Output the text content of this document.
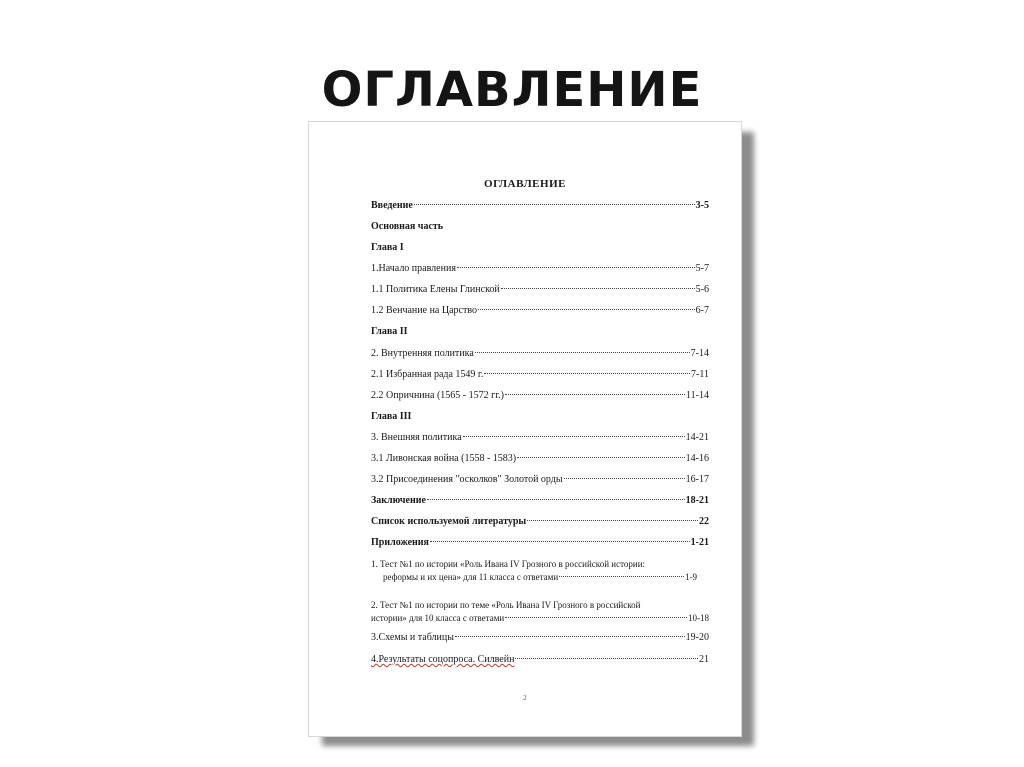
ОГЛАВЛЕНИЕ
ОГЛАВЛЕНИЕ
Введение	3-5
Основная часть
Глава I
1.Начало правления	5-7
1.1 Политика Елены Глинской	5-6
1.2 Венчание на Царство	6-7
Глава II
2. Внутренняя политика	7-14
2.1 Избранная рада 1549 г.	7-11
2.2 Опричнина (1565 - 1572 гг.)	11-14
Глава III
3. Внешняя политика	14-21
3.1 Ливонская война (1558 - 1583)	14-16
3.2 Присоединения "осколков" Золотой орды	16-17
Заключение	18-21
Список используемой литературы	22
Приложения	1-21
1. Тест №1 по истории «Роль Ивана IV Грозного в российской истории:
реформы и их цена» для 11 класса с ответами	1-9
2. Тест №1 по истории по теме «Роль Ивана IV Грозного в российской
истории» для 10 класса с ответами	10-18
3.Схемы и таблицы	19-20
4.Результаты соцопроса. Силвейн	21
2
